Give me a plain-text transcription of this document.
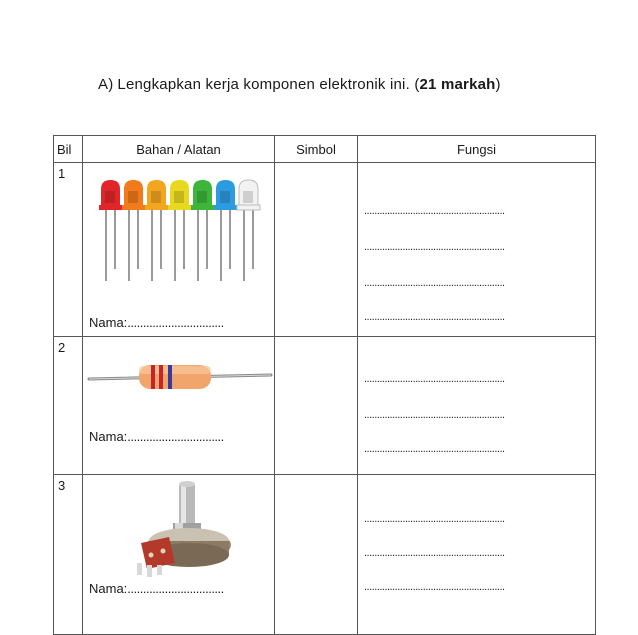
A) Lengkapkan kerja komponen elektronik ini. (21 markah)
Bil	Bahan / Alatan	Simbol	Fungsi
1	Nama:...............................		.......................................................
.......................................................
.......................................................
.......................................................

2	Nama:...............................		.......................................................
.......................................................
.......................................................

3	Nama:...............................		.......................................................
.......................................................
.......................................................
